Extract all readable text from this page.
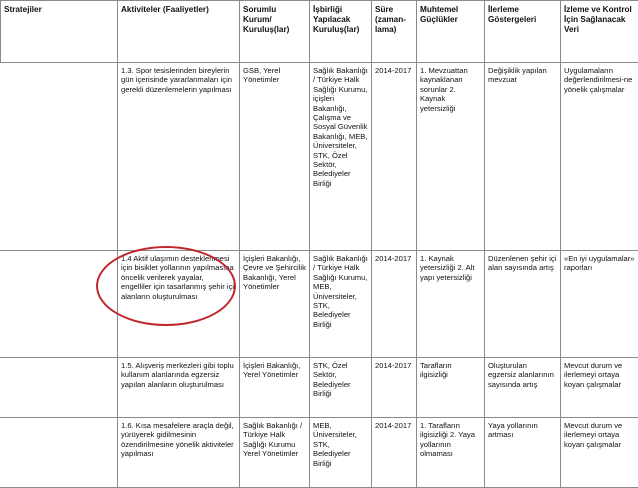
Stratejiler	Aktiviteler (Faaliyetler)	Sorumlu Kurum/ Kuruluş(lar)	İşbirliği Yapılacak Kuruluş(lar)	Süre (zaman-lama)	Muhtemel Güçlükler	İlerleme Göstergeleri	İzleme ve Kontrol İçin Sağlanacak Veri
	1.3. Spor tesislerinden bireylerin gün içerisinde yararlanmaları için gerekli düzenlemelerin yapılması	GSB, Yerel Yönetimler	Sağlık Bakanlığı / Türkiye Halk Sağlığı Kurumu, içişleri Bakanlığı, Çalışma ve Sosyal Güvenlik Bakanlığı, MEB, Üniversiteler, STK, Özel Sektör, Belediyeler Birliği	2014-2017	1. Mevzuattan kaynaklanan sorunlar 2. Kaynak yetersizliği	Değişiklik yapılan mevzuat	Uygulamaların değerlendirilmesi-ne yönelik çalışmalar
	1.4 Aktif ulaşımın desteklenmesi için bisiklet yollarının yapılmasına öncelik verilerek yayalar, engelliler için tasarlanmış şehir içi alanların oluşturulması	İçişleri Bakanlığı, Çevre ve Şehircilik Bakanlığı, Yerel Yönetimler	Sağlık Bakanlığı / Türkiye Halk Sağlığı Kurumu, MEB, Üniversiteler, STK, Belediyeler Birliği	2014-2017	1. Kaynak yetersizliği 2. Alt yapı yetersizliği	Düzenlenen şehir içi alan sayısında artış	«En iyi uygulamalar» raporları
	1.5. Alışveriş merkezleri gibi toplu kullanım alanlarında egzersiz yapılan alanların oluşturulması	İçişleri Bakanlığı, Yerel Yönetimler	STK, Özel Sektör, Belediyeler Birliği	2014-2017	Tarafların ilgisizliği	Oluşturulan egzersiz alanlarının sayısında artış	Mevcut durum ve ilerlemeyi ortaya koyan çalışmalar
	1.6. Kısa mesafelere araçla değil, yürüyerek gidilmesinin özendirilmesine yönelik aktiviteler yapılması	Sağlık Bakanlığı / Türkiye Halk Sağlığı Kurumu Yerel Yönetimler	MEB, Üniversiteler, STK, Belediyeler Birliği	2014-2017	1. Tarafların ilgisizliği 2. Yaya yollarının olmaması	Yaya yollarının artması	Mevcut durum ve ilerlemeyi ortaya koyan çalışmalar
